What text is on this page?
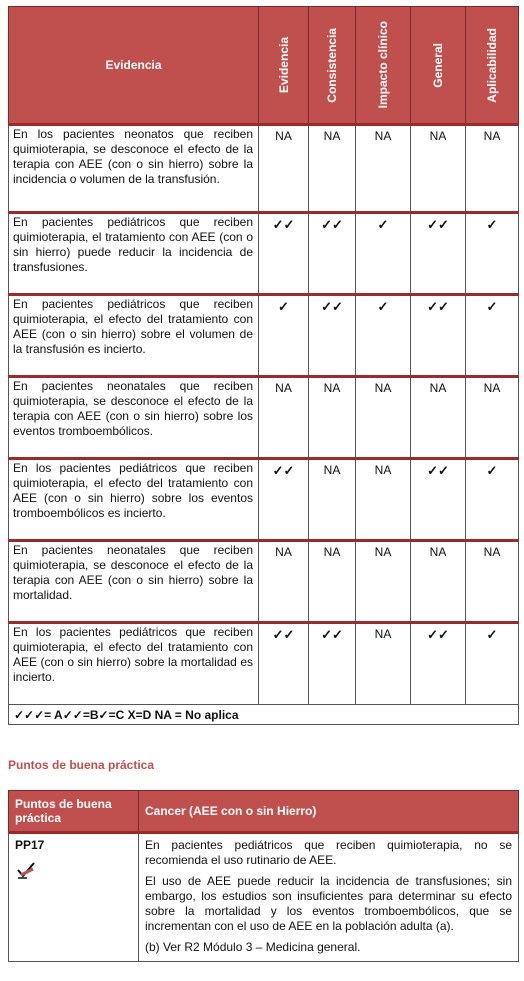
Evidencia	Evidencia	Consistencia	Impacto clínico	General	Aplicabilidad

En los pacientes neonatos que reciben quimioterapia, se desconoce el efecto de la terapia con AEE (con o sin hierro) sobre la incidencia o volumen de la transfusión.	NA	NA	NA	NA	NA
En pacientes pediátricos que reciben quimioterapia, el tratamiento con AEE (con o sin hierro) puede reducir la incidencia de transfusiones.	✓✓	✓✓	✓	✓✓	✓
En pacientes pediátricos que reciben quimioterapia, el efecto del tratamiento con AEE (con o sin hierro) sobre el volumen de la transfusión es incierto.	✓	✓✓	✓	✓✓	✓
En pacientes neonatales que reciben quimioterapia, se desconoce el efecto de la terapia con AEE (con o sin hierro) sobre los eventos tromboembólicos.	NA	NA	NA	NA	NA
En los pacientes pediátricos que reciben quimioterapia, el efecto del tratamiento con AEE (con o sin hierro) sobre los eventos tromboembólicos es incierto.	✓✓	NA	NA	✓✓	✓
En pacientes neonatales que reciben quimioterapia, se desconoce el efecto de la terapia con AEE (con o sin hierro) sobre la mortalidad.	NA	NA	NA	NA	NA
En los pacientes pediátricos que reciben quimioterapia, el efecto del tratamiento con AEE (con o sin hierro) sobre la mortalidad es incierto.	✓✓	✓✓	NA	✓✓	✓
✓✓✓= A✓✓=B✓=C X=D NA = No aplica					
Puntos de buena práctica
Puntos de buena práctica	Cancer (AEE con o sin Hierro)
PP17	En pacientes pediátricos que reciben quimioterapia, no se recomienda el uso rutinario de AEE.

El uso de AEE puede reducir la incidencia de transfusiones; sin embargo, los estudios son insuficientes para determinar su efecto sobre la mortalidad y los eventos tromboembólicos, que se incrementan con el uso de AEE en la población adulta (a).

(b) Ver R2 Módulo 3 – Medicina general.
